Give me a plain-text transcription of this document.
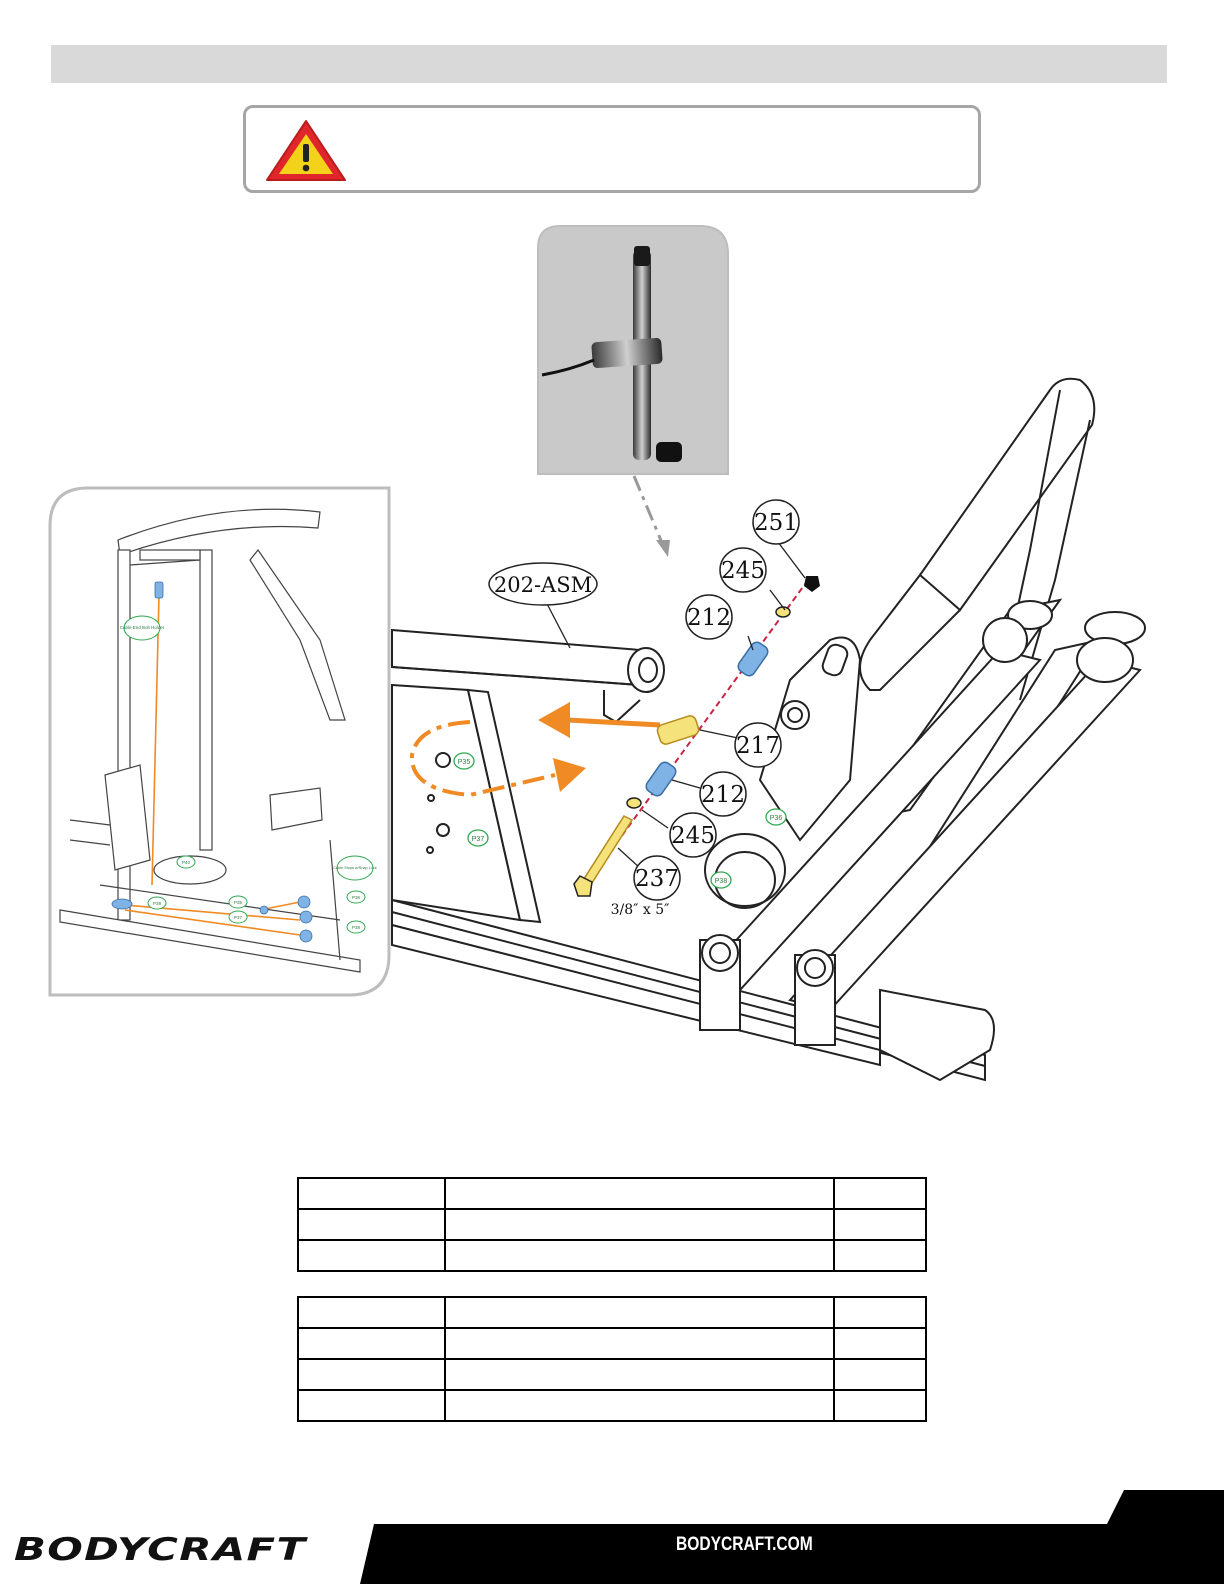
251
245
212
202-ASM
217
212
245
237
3/8″ x 5″
P35
P37
P36
P38
Cable End Bolt Holder
Cable Stops w/Snap Lock
P40
P39	P35
P37
P36
P38

BODYCRAFT	BODYCRAFT.COM
